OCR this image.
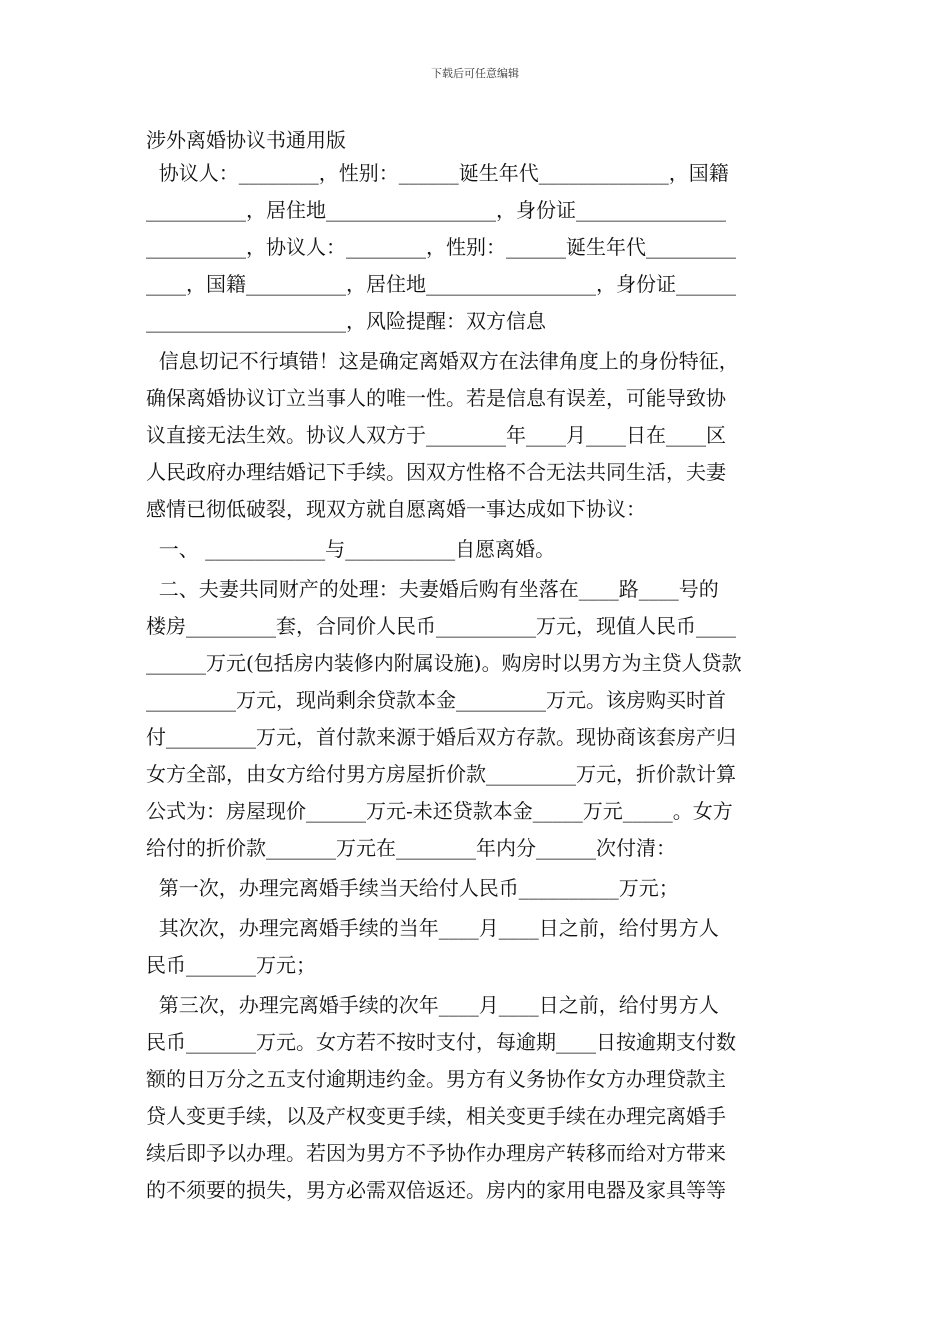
下载后可任意编辑
涉外离婚协议书通用版
协议人：________，性别：______诞生年代_____________，国籍
__________，居住地_________________，身份证_______________
__________，协议人：________，性别：______诞生年代_________
____，国籍__________，居住地_________________，身份证______
____________________，风险提醒：双方信息
信息切记不行填错！这是确定离婚双方在法律角度上的身份特征，
确保离婚协议订立当事人的唯一性。若是信息有误差，可能导致协
议直接无法生效。协议人双方于________年____月____日在____区
人民政府办理结婚记下手续。因双方性格不合无法共同生活，夫妻
感情已彻低破裂，现双方就自愿离婚一事达成如下协议：
一、 ____________与___________自愿离婚。
二、夫妻共同财产的处理：夫妻婚后购有坐落在____路____号的
楼房_________套，合同价人民币__________万元，现值人民币____
______万元(包括房内装修内附属设施)。购房时以男方为主贷人贷款
_________万元，现尚剩余贷款本金_________万元。该房购买时首
付_________万元，首付款来源于婚后双方存款。现协商该套房产归
女方全部，由女方给付男方房屋折价款_________万元，折价款计算
公式为：房屋现价______万元-未还贷款本金_____万元_____。女方
给付的折价款_______万元在________年内分______次付清：
第一次，办理完离婚手续当天给付人民币__________万元；
其次次，办理完离婚手续的当年____月____日之前，给付男方人
民币_______万元；
第三次，办理完离婚手续的次年____月____日之前，给付男方人
民币_______万元。女方若不按时支付，每逾期____日按逾期支付数
额的日万分之五支付逾期违约金。男方有义务协作女方办理贷款主
贷人变更手续，以及产权变更手续，相关变更手续在办理完离婚手
续后即予以办理。若因为男方不予协作办理房产转移而给对方带来
的不须要的损失，男方必需双倍返还。房内的家用电器及家具等等
